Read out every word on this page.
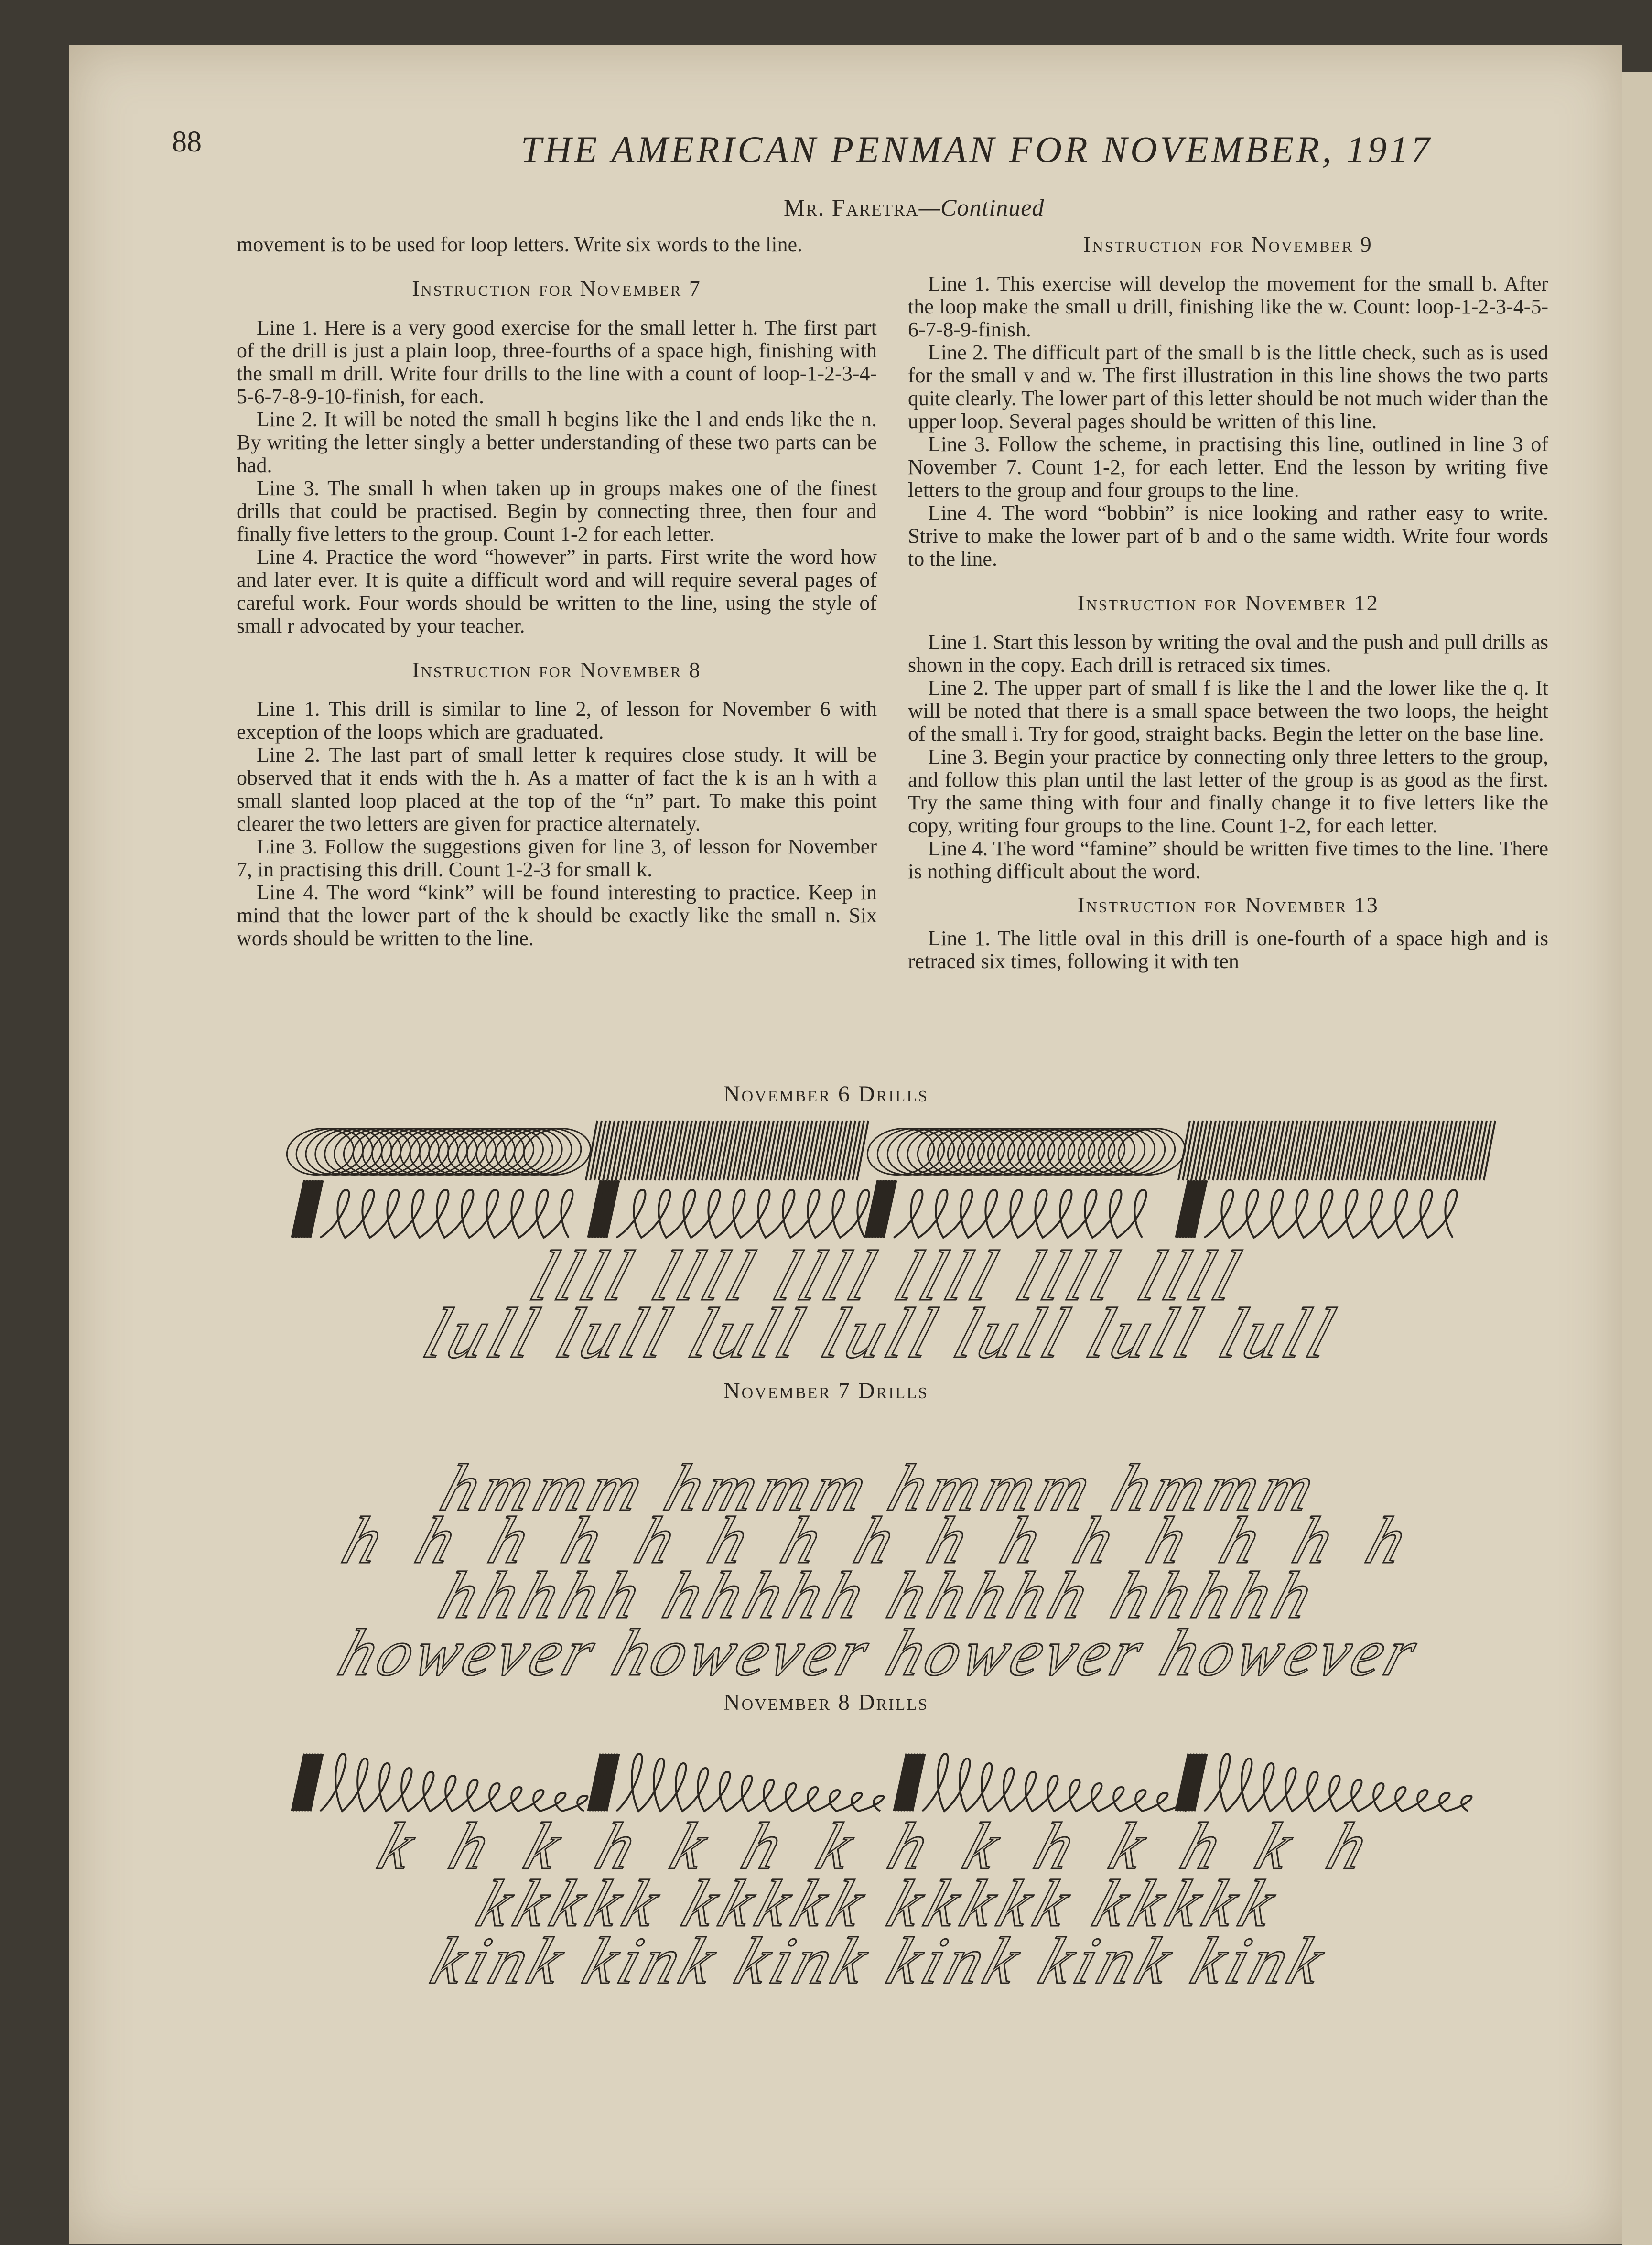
88	THE AMERICAN PENMAN FOR NOVEMBER, 1917
Mr. Faretra—Continued

movement is to be used for loop letters. Write six words to the line.

Instruction for November 7

Line 1. Here is a very good exercise for the small letter h. The first part of the drill is just a plain loop, three-fourths of a space high, finishing with the small m drill. Write four drills to the line with a count of loop-1-2-3-4-5-6-7-8-9-10-finish, for each.

Line 2. It will be noted the small h begins like the l and ends like the n. By writing the letter singly a better understanding of these two parts can be had.

Line 3. The small h when taken up in groups makes one of the finest drills that could be practised. Begin by connecting three, then four and finally five letters to the group. Count 1-2 for each letter.

Line 4. Practice the word “however” in parts. First write the word how and later ever. It is quite a difficult word and will require several pages of careful work. Four words should be written to the line, using the style of small r advocated by your teacher.

Instruction for November 8

Line 1. This drill is similar to line 2, of lesson for November 6 with exception of the loops which are graduated.

Line 2. The last part of small letter k requires close study. It will be observed that it ends with the h. As a matter of fact the k is an h with a small slanted loop placed at the top of the “n” part. To make this point clearer the two letters are given for practice alternately.

Line 3. Follow the suggestions given for line 3, of lesson for November 7, in practising this drill. Count 1-2-3 for small k.

Line 4. The word “kink” will be found interesting to practice. Keep in mind that the lower part of the k should be exactly like the small n. Six words should be written to the line.

Instruction for November 9

Line 1. This exercise will develop the movement for the small b. After the loop make the small u drill, finishing like the w. Count: loop-1-2-3-4-5-6-7-8-9-finish.

Line 2. The difficult part of the small b is the little check, such as is used for the small v and w. The first illustration in this line shows the two parts quite clearly. The lower part of this letter should be not much wider than the upper loop. Several pages should be written of this line.

Line 3. Follow the scheme, in practising this line, outlined in line 3 of November 7. Count 1-2, for each letter. End the lesson by writing five letters to the group and four groups to the line.

Line 4. The word “bobbin” is nice looking and rather easy to write. Strive to make the lower part of b and o the same width. Write four words to the line.

Instruction for November 12

Line 1. Start this lesson by writing the oval and the push and pull drills as shown in the copy. Each drill is retraced six times.

Line 2. The upper part of small f is like the l and the lower like the q. It will be noted that there is a small space between the two loops, the height of the small i. Try for good, straight backs. Begin the letter on the base line.

Line 3. Begin your practice by connecting only three letters to the group, and follow this plan until the last letter of the group is as good as the first. Try the same thing with four and finally change it to five letters like the copy, writing four groups to the line. Count 1-2, for each letter.

Line 4. The word “famine” should be written five times to the line. There is nothing difficult about the word.

Instruction for November 13

Line 1. The little oval in this drill is one-fourth of a space high and is retraced six times, following it with ten

November 6 Drills
November 7 Drills
November 8 Drills
llll llll llll llll llll llll
lull lull lull lull lull lull lull
hmmm hmmm hmmm hmmm
h h h h h h h h h h h h h h h
hhhhh hhhhh hhhhh hhhhh
however however however however
k h k h k h k h k h k h k h
kkkkk kkkkk kkkkk kkkkk
kink kink kink kink kink kink
